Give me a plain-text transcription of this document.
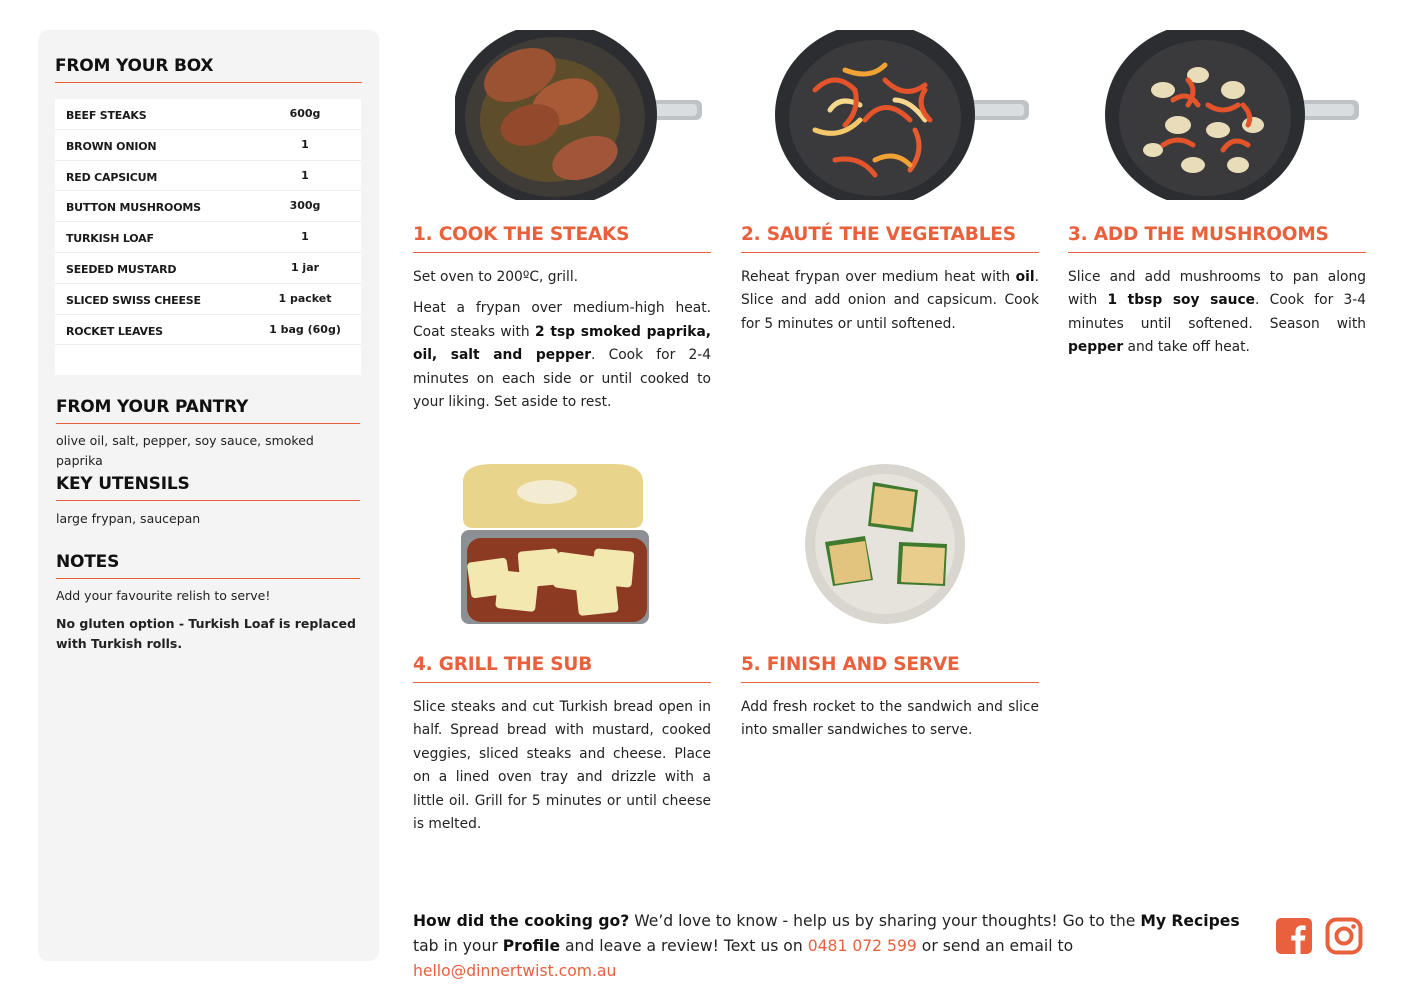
FROM YOUR BOX
BEEF STEAKS	600g
BROWN ONION	1
RED CAPSICUM	1
BUTTON MUSHROOMS	300g
TURKISH LOAF	1
SEEDED MUSTARD	1 jar
SLICED SWISS CHEESE	1 packet
ROCKET LEAVES	1 bag (60g)
FROM YOUR PANTRY
olive oil, salt, pepper, soy sauce, smoked paprika
KEY UTENSILS
large frypan, saucepan
NOTES
Add your favourite relish to serve!
No gluten option - Turkish Loaf is replaced with Turkish rolls.
1. COOK THE STEAKS

Set oven to 200ºC, grill.

Heat a frypan over medium-high heat. Coat steaks with 2 tsp smoked paprika, oil, salt and pepper. Cook for 2-4 minutes on each side or until cooked to your liking. Set aside to rest.

2. SAUTÉ THE VEGETABLES

Reheat frypan over medium heat with oil. Slice and add onion and capsicum. Cook for 5 minutes or until softened.

3. ADD THE MUSHROOMS

Slice and add mushrooms to pan along with 1 tbsp soy sauce. Cook for 3-4 minutes until softened. Season with pepper and take off heat.

4. GRILL THE SUB

Slice steaks and cut Turkish bread open in half. Spread bread with mustard, cooked veggies, sliced steaks and cheese. Place on a lined oven tray and drizzle with a little oil. Grill for 5 minutes or until cheese is melted.

5. FINISH AND SERVE

Add fresh rocket to the sandwich and slice into smaller sandwiches to serve.

How did the cooking go? We’d love to know - help us by sharing your thoughts! Go to the My Recipes tab in your Profile and leave a review! Text us on 0481 072 599 or send an email to hello@dinnertwist.com.au
